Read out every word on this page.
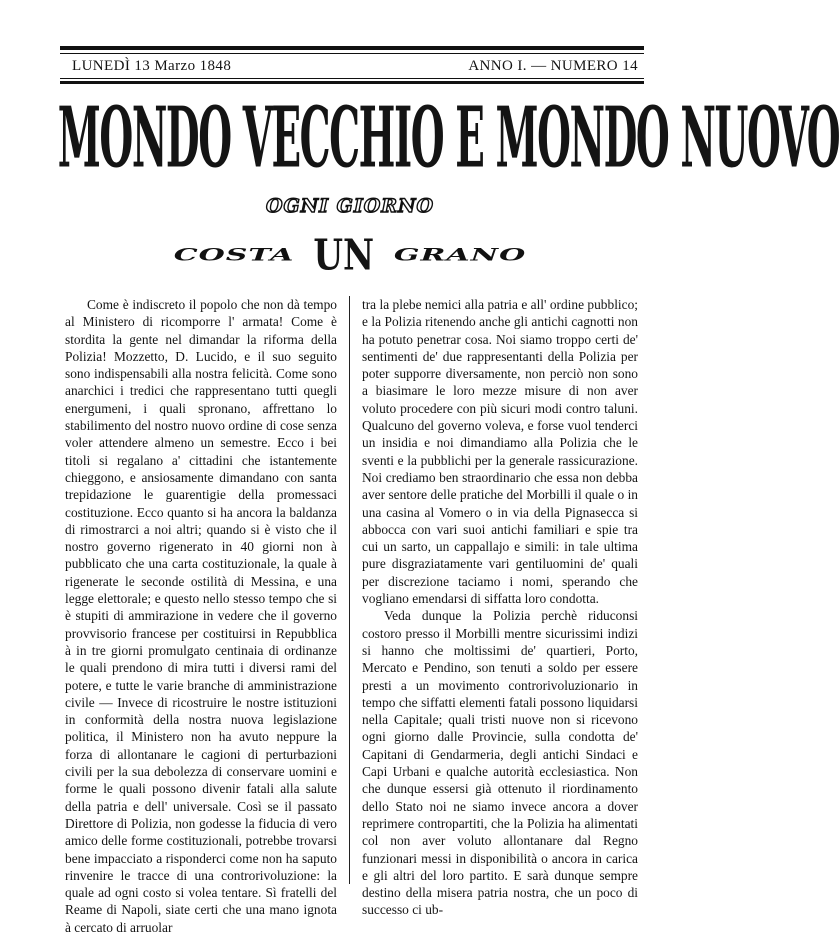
LUNEDÌ 13 Marzo 1848	ANNO I. — NUMERO 14
MONDO VECCHIO E MONDO NUOVO
OGNI GIORNO
COSTA UN GRANO

Come è indiscreto il popolo che non dà tempo al Ministero di ricomporre l' armata! Come è stordita la gente nel dimandar la riforma della Polizia! Mozzetto, D. Lucido, e il suo seguito sono indispensabili alla nostra felicità. Come sono anarchici i tredici che rappresentano tutti quegli energumeni, i quali spronano, affrettano lo stabilimento del nostro nuovo ordine di cose senza voler attendere almeno un semestre. Ecco i bei titoli si regalano a' cittadini che istantemente chieggono, e ansiosamente dimandano con santa trepidazione le guarentigie della promessaci costituzione. Ecco quanto si ha ancora la baldanza di rimostrarci a noi altri; quando si è visto che il nostro governo rigenerato in 40 giorni non à pubblicato che una carta costituzionale, la quale à rigenerate le seconde ostilità di Messina, e una legge elettorale; e questo nello stesso tempo che si è stupiti di ammirazione in vedere che il governo provvisorio francese per costituirsi in Repubblica à in tre giorni promulgato centinaia di ordinanze le quali prendono di mira tutti i diversi rami del potere, e tutte le varie branche di amministrazione civile — Invece di ricostruire le nostre istituzioni in conformità della nostra nuova legislazione politica, il Ministero non ha avuto neppure la forza di allontanare le cagioni di perturbazioni civili per la sua debolezza di conservare uomini e forme le quali possono divenir fatali alla salute della patria e dell' universale. Così se il passato Direttore di Polizia, non godesse la fiducia di vero amico delle forme costituzionali, potrebbe trovarsi bene impacciato a risponderci come non ha saputo rinvenire le tracce di una controrivoluzione: la quale ad ogni costo si volea tentare. Sì fratelli del Reame di Napoli, siate certi che una mano ignota à cercato di arruolar

tra la plebe nemici alla patria e all' ordine pubblico; e la Polizia ritenendo anche gli antichi cagnotti non ha potuto penetrar cosa. Noi siamo troppo certi de' sentimenti de' due rappresentanti della Polizia per poter supporre diversamente, non perciò non sono a biasimare le loro mezze misure di non aver voluto procedere con più sicuri modi contro taluni. Qualcuno del governo voleva, e forse vuol tenderci un insidia e noi dimandiamo alla Polizia che le sventi e la pubblichi per la generale rassicurazione. Noi crediamo ben straordinario che essa non debba aver sentore delle pratiche del Morbilli il quale o in una casina al Vomero o in via della Pignasecca si abbocca con vari suoi antichi familiari e spie tra cui un sarto, un cappallajo e simili: in tale ultima pure disgraziatamente vari gentiluomini de' quali per discrezione taciamo i nomi, sperando che vogliano emendarsi di siffatta loro condotta.

Veda dunque la Polizia perchè riduconsi costoro presso il Morbilli mentre sicurissimi indizi si hanno che moltissimi de' quartieri, Porto, Mercato e Pendino, son tenuti a soldo per essere presti a un movimento controrivoluzionario in tempo che siffatti elementi fatali possono liquidarsi nella Capitale; quali tristi nuove non si ricevono ogni giorno dalle Provincie, sulla condotta de' Capitani di Gendarmeria, degli antichi Sindaci e Capi Urbani e qualche autorità ecclesiastica. Non che dunque essersi già ottenuto il riordinamento dello Stato noi ne siamo invece ancora a dover reprimere contropartiti, che la Polizia ha alimentati col non aver voluto allontanare dal Regno funzionari messi in disponibilità o ancora in carica e gli altri del loro partito. E sarà dunque sempre destino della misera patria nostra, che un poco di successo ci ub-
